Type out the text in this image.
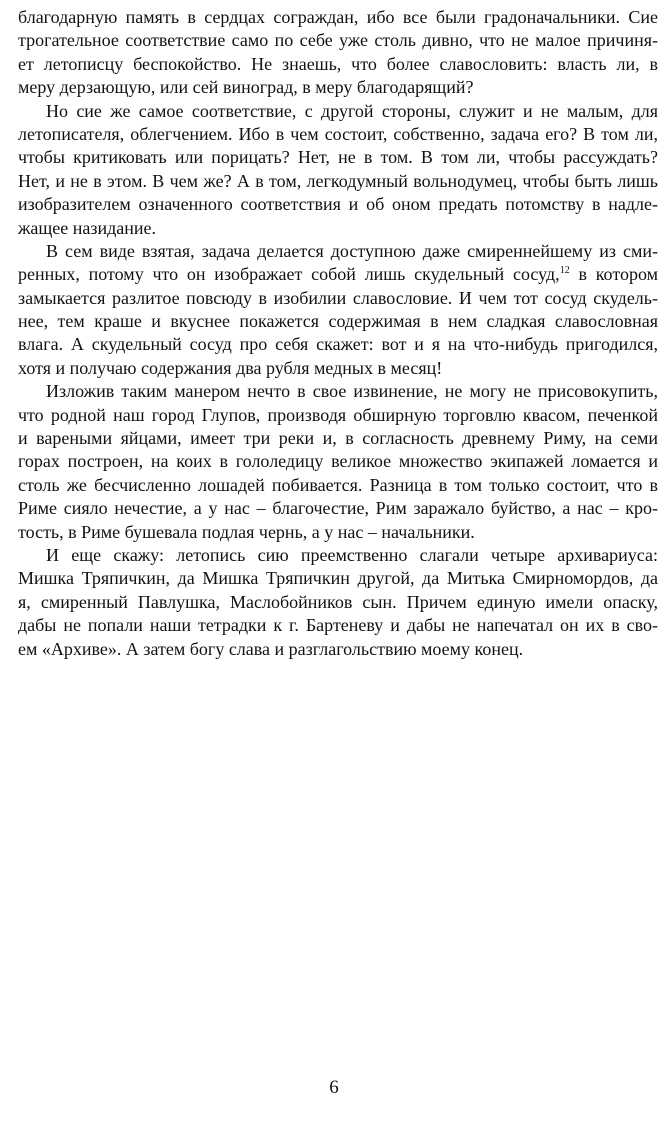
благодарную память в сердцах сограждан, ибо все были градоначальники. Сие
трогательное соответствие само по себе уже столь дивно, что не малое причиня-
ет летописцу беспокойство. Не знаешь, что более славословить: власть ли, в
меру дерзающую, или сей виноград, в меру благодарящий?
Но сие же самое соответствие, с другой стороны, служит и не малым, для
летописателя, облегчением. Ибо в чем состоит, собственно, задача его? В том ли,
чтобы критиковать или порицать? Нет, не в том. В том ли, чтобы рассуждать?
Нет, и не в этом. В чем же? А в том, легкодумный вольнодумец, чтобы быть лишь
изобразителем означенного соответствия и об оном предать потомству в надле-
жащее назидание.
В сем виде взятая, задача делается доступною даже смиреннейшему из сми-
ренных, потому что он изображает собой лишь скудельный сосуд,$^{12}$ в котором
замыкается разлитое повсюду в изобилии славословие. И чем тот сосуд скудель-
нее, тем краше и вкуснее покажется содержимая в нем сладкая славословная
влага. А скудельный сосуд про себя скажет: вот и я на что-нибудь пригодился,
хотя и получаю содержания два рубля медных в месяц!
Изложив таким манером нечто в свое извинение, не могу не присовокупить,
что родной наш город Глупов, производя обширную торговлю квасом, печенкой
и вареными яйцами, имеет три реки и, в согласность древнему Риму, на семи
горах построен, на коих в гололедицу великое множество экипажей ломается и
столь же бесчисленно лошадей побивается. Разница в том только состоит, что в
Риме сияло нечестие, а у нас – благочестие, Рим заражало буйство, а нас – кро-
тость, в Риме бушевала подлая чернь, а у нас – начальники.
И еще скажу: летопись сию преемственно слагали четыре архивариуса:
Мишка Тряпичкин, да Мишка Тряпичкин другой, да Митька Смирномордов, да
я, смиренный Павлушка, Маслобойников сын. Причем единую имели опаску,
дабы не попали наши тетрадки к г. Бартеневу и дабы не напечатал он их в сво-
ем «Архиве». А затем богу слава и разглагольствию моему конец.
6
